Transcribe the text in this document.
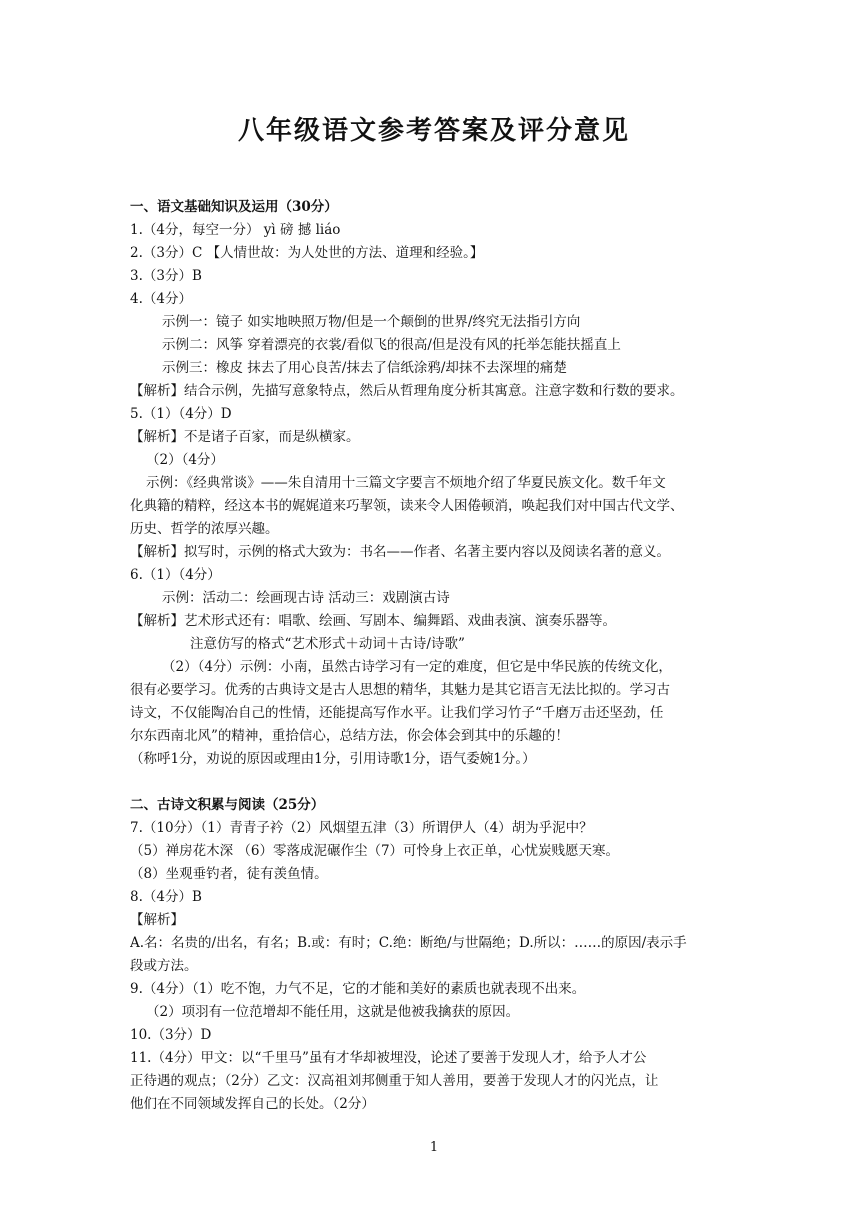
八年级语文参考答案及评分意见
一、语文基础知识及运用（30分）
1.（4分，每空一分） yì 磅 撼 liáo
2.（3分）C 【人情世故：为人处世的方法、道理和经验。】
3.（3分）B
4.（4分）
示例一：镜子 如实地映照万物/但是一个颠倒的世界/终究无法指引方向
示例二：风筝 穿着漂亮的衣裳/看似飞的很高/但是没有风的托举怎能扶摇直上
示例三：橡皮 抹去了用心良苦/抹去了信纸涂鸦/却抹不去深埋的痛楚
【解析】结合示例，先描写意象特点，然后从哲理角度分析其寓意。注意字数和行数的要求。
5.（1）（4分）D
【解析】不是诸子百家，而是纵横家。
（2）（4分）
示例：《经典常谈》——朱自清用十三篇文字要言不烦地介绍了华夏民族文化。数千年文
化典籍的精粹，经这本书的娓娓道来巧挈领，读来令人困倦顿消，唤起我们对中国古代文学、
历史、哲学的浓厚兴趣。
【解析】拟写时，示例的格式大致为：书名——作者、名著主要内容以及阅读名著的意义。
6.（1）（4分）
示例：活动二：绘画现古诗 活动三：戏剧演古诗
【解析】艺术形式还有：唱歌、绘画、写剧本、编舞蹈、戏曲表演、演奏乐器等。
注意仿写的格式“艺术形式＋动词＋古诗/诗歌”
（2）（4分）示例：小南，虽然古诗学习有一定的难度，但它是中华民族的传统文化，
很有必要学习。优秀的古典诗文是古人思想的精华，其魅力是其它语言无法比拟的。学习古
诗文，不仅能陶冶自己的性情，还能提高写作水平。让我们学习竹子“千磨万击还坚劲，任
尔东西南北风”的精神，重拾信心，总结方法，你会体会到其中的乐趣的！
（称呼1分，劝说的原因或理由1分，引用诗歌1分，语气委婉1分。）
二、古诗文积累与阅读（25分）
7.（10分）（1）青青子衿（2）风烟望五津（3）所谓伊人（4）胡为乎泥中？
（5）禅房花木深 （6）零落成泥碾作尘（7）可怜身上衣正单，心忧炭贱愿天寒。
（8）坐观垂钓者，徒有羡鱼情。
8.（4分）B
【解析】
A.名：名贵的/出名，有名；B.或：有时；C.绝：断绝/与世隔绝；D.所以：……的原因/表示手
段或方法。
9.（4分）（1）吃不饱，力气不足，它的才能和美好的素质也就表现不出来。
（2）项羽有一位范增却不能任用，这就是他被我擒获的原因。
10.（3分）D
11.（4分）甲文：以“千里马”虽有才华却被埋没，论述了要善于发现人才，给予人才公
正待遇的观点；（2分）乙文：汉高祖刘邦侧重于知人善用，要善于发现人才的闪光点，让
他们在不同领域发挥自己的长处。（2分）
1
